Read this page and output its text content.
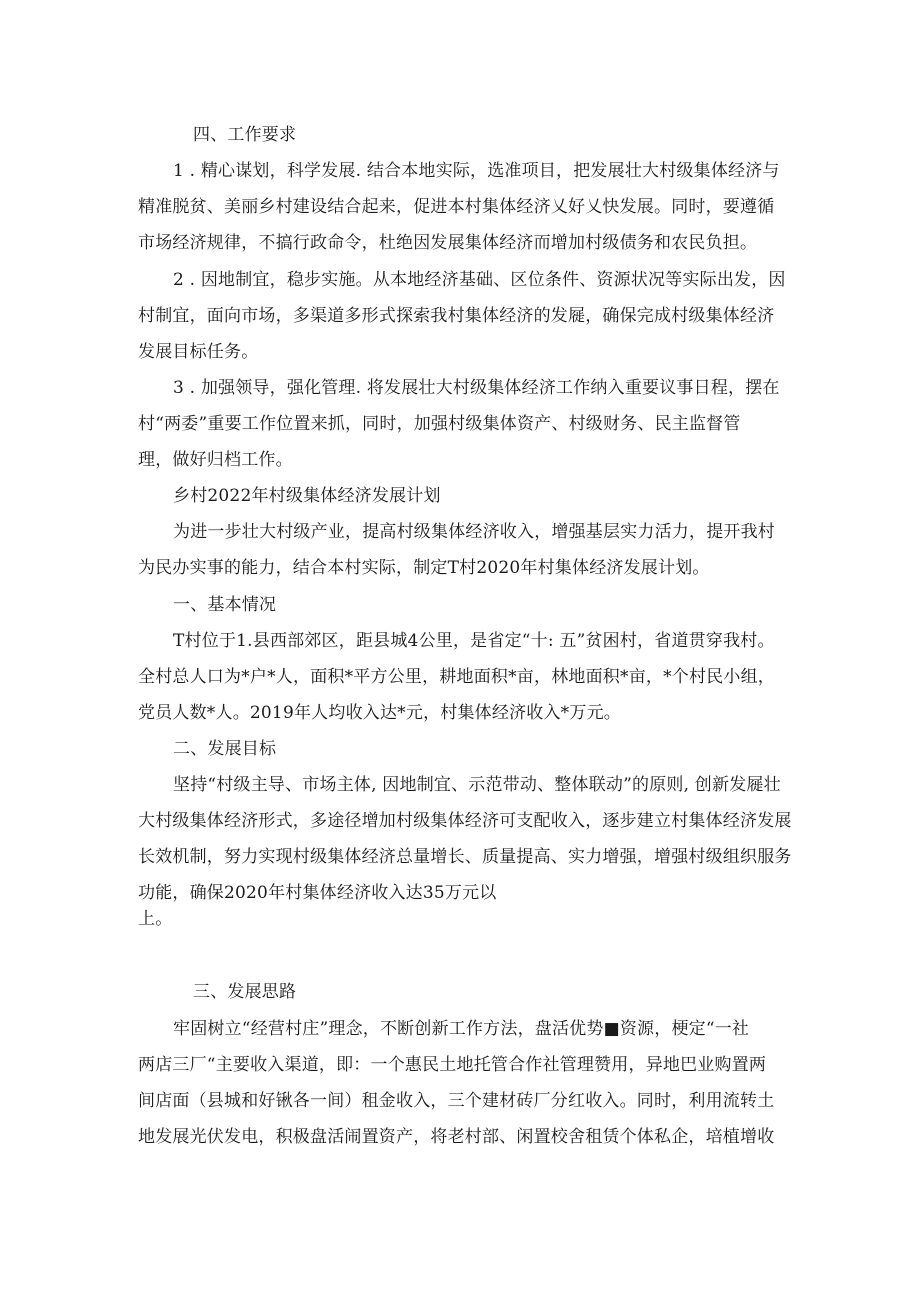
四、工作要求

1 . 精心谋划，科学发展. 结合本地实际，选准项目，把发展壮大村级集体经济与

精准脱贫、美丽乡村建设结合起来，促进本村集体经济乂好乂快发展。同时，要遵循

市场经济规律，不搞行政命令，杜绝因发展集体经济而增加村级债务和农民负担。

2 . 因地制宜，稳步实施。从本地经济基础、区位条件、资源状况等实际出发，因

村制宜，面向市场，多渠道多形式探索我村集体经济的发屣，确保完成村级集体经济

发展目标任务。

3 . 加强领导，强化管理. 将发展壮大村级集体经济工作纳入重要议事日程，摆在

村“两委”重要工作位置来抓，同时，加强村级集体资产、村级财务、民主监督管

理，做好归档工作。

乡村2022年村级集体经济发展计划

为进一步壮大村级产业，提高村级集体经济收入，增强基层实力活力，提开我村

为民办实事的能力，结合本村实际，制定T村2020年村集体经济发展计划。

一、基本情况

T村位于1.县西部郊区，距县城4公里，是省定“十: 五”贫困村，省道贯穿我村。

全村总人口为*户*人，面积*平方公里，耕地面积*亩，林地面积*亩，*个村民小组，

党员人数*人。2019年人均收入达*元，村集体经济收入*万元。

二、发展目标

坚持“村级主导、市场主体, 因地制宜、示范带动、整体联动”的原则, 创新发屣壮

大村级集体经济形式，多途径增加村级集体经济可支配收入，逐步建立村集体经济发展

长效机制，努力实现村级集体经济总量增长、质量提高、实力增强，增强村级组织服务

功能，确保2020年村集体经济收入达35万元以

上。

三、发展思路

牢固树立“经营村庄”理念，不断创新工作方法，盘活优势■资源，梗定“一社

两店三厂“主要收入渠道，即：一个惠民土地托管合作社管理赞用，异地巴业购置两

间店面（县城和好锹各一间）租金收入，三个建材砖厂分红收入。同时，利用流转土

地发展光伏发电，积极盘活闹置资产，将老村部、闲置校舍租赁个体私企，培植增收
